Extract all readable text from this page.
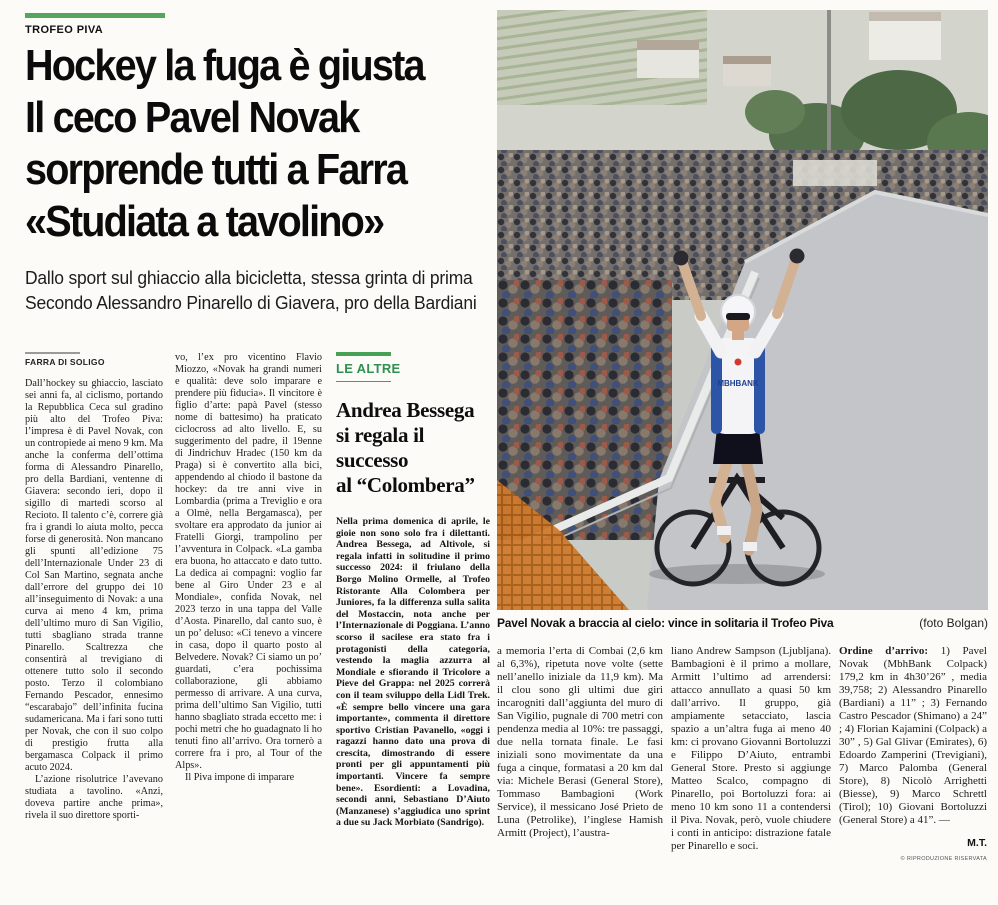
TROFEO PIVA
Hockey la fuga è giusta
Il ceco Pavel Novak
sorprende tutti a Farra
«Studiata a tavolino»
Dallo sport sul ghiaccio alla bicicletta, stessa grinta di prima
Secondo Alessandro Pinarello di Giavera, pro della Bardiani
FARRA DI SOLIGO

Dall’hockey su ghiaccio, lasciato sei anni fa, al ciclismo, portando la Repubblica Ceca sul gradino più alto del Trofeo Piva: l’impresa è di Pavel Novak, con un contropiede ai meno 9 km. Ma anche la conferma dell’ottima forma di Alessandro Pinarello, pro della Bardiani, ventenne di Giavera: secondo ieri, dopo il sigillo di martedì scorso al Recioto. Il talento c’è, correre già fra i grandi lo aiuta molto, pecca forse di generosità. Non mancano gli spunti all’edizione 75 dell’Internazionale Under 23 di Col San Martino, segnata anche dall’errore del gruppo dei 10 all’inseguimento di Novak: a una curva ai meno 4 km, prima dell’ultimo muro di San Vigilio, tutti sbagliano strada tranne Pinarello. Scaltrezza che consentirà al trevigiano di ottenere tutto solo il secondo posto. Terzo il colombiano Fernando Pescador, ennesimo “escarabajo” dell’infinita fucina sudamericana. Ma i fari sono tutti per Novak, che con il suo colpo di prestigio frutta alla bergamasca Colpack il primo acuto 2024.

L’azione risolutrice l’avevano studiata a tavolino. «Anzi, doveva partire anche prima», rivela il suo direttore sporti-

vo, l’ex pro vicentino Flavio Miozzo, «Novak ha grandi numeri e qualità: deve solo imparare e prendere più fiducia». Il vincitore è figlio d’arte: papà Pavel (stesso nome di battesimo) ha praticato ciclocross ad alto livello. E, su suggerimento del padre, il 19enne di Jindrichuv Hradec (150 km da Praga) si è convertito alla bici, appendendo al chiodo il bastone da hockey: da tre anni vive in Lombardia (prima a Treviglio e ora a Olmè, nella Bergamasca), per svoltare era approdato da junior ai Fratelli Giorgi, trampolino per l’avventura in Colpack. «La gamba era buona, ho attaccato e dato tutto. La dedica ai compagni: voglio far bene al Giro Under 23 e al Mondiale», confida Novak, nel 2023 terzo in una tappa del Valle d’Aosta. Pinarello, dal canto suo, è un po’ deluso: «Ci tenevo a vincere in casa, dopo il quarto posto al Belvedere. Novak? Ci siamo un po’ guardati, c’era pochissima collaborazione, gli abbiamo permesso di arrivare. A una curva, prima dell’ultimo San Vigilio, tutti hanno sbagliato strada eccetto me: i pochi metri che ho guadagnato li ho tenuti fino all’arrivo. Ora tornerò a correre fra i pro, al Tour of the Alps».

Il Piva impone di imparare

LE ALTRE
Andrea Bessega
si regala il successo
al “Colombera”

Nella prima domenica di aprile, le gioie non sono solo fra i dilettanti. Andrea Bessega, ad Altivole, si regala infatti in solitudine il primo successo 2024: il friulano della Borgo Molino Ormelle, al Trofeo Ristorante Alla Colombera per Juniores, fa la differenza sulla salita del Mostaccin, nota anche per l’Internazionale di Poggiana. L’anno scorso il sacilese era stato fra i protagonisti della categoria, vestendo la maglia azzurra al Mondiale e sfiorando il Tricolore a Pieve del Grappa: nel 2025 correrà con il team sviluppo della Lidl Trek. «È sempre bello vincere una gara importante», commenta il direttore sportivo Cristian Pavanello, «oggi i ragazzi hanno dato una prova di crescita, dimostrando di essere pronti per gli appuntamenti più importanti. Vincere fa sempre bene». Esordienti: a Lovadina, secondi anni, Sebastiano D’Aiuto (Manzanese) s’aggiudica uno sprint a due su Jack Morbiato (Sandrigo).

MBHBANK
Pavel Novak a braccia al cielo: vince in solitaria il Trofeo Piva	(foto Bolgan)

a memoria l’erta di Combai (2,6 km al 6,3%), ripetuta nove volte (sette nell’anello iniziale da 11,9 km). Ma il clou sono gli ultimi due giri incarogniti dall’aggiunta del muro di San Vigilio, pugnale di 700 metri con pendenza media al 10%: tre passaggi, due nella tornata finale. Le fasi iniziali sono movimentate da una fuga a cinque, formatasi a 20 km dal via: Michele Berasi (General Store), Tommaso Bambagioni (Work Service), il messicano José Prieto de Luna (Petrolike), l’inglese Hamish Armitt (Project), l’austra-

liano Andrew Sampson (Ljubljana). Bambagioni è il primo a mollare, Armitt l’ultimo ad arrendersi: attacco annullato a quasi 50 km dall’arrivo. Il gruppo, già ampiamente setacciato, lascia spazio a un’altra fuga ai meno 40 km: ci provano Giovanni Bortoluzzi e Filippo D’Aiuto, entrambi General Store. Presto si aggiunge Matteo Scalco, compagno di Pinarello, poi Bortoluzzi fora: ai meno 10 km sono 11 a contendersi il Piva. Novak, però, vuole chiudere i conti in anticipo: distrazione fatale per Pinarello e soci.

Ordine d’arrivo: 1) Pavel Novak (MbhBank Colpack) 179,2 km in 4h30’26” , media 39,758; 2) Alessandro Pinarello (Bardiani) a 11” ; 3) Fernando Castro Pescador (Shimano) a 24” ; 4) Florian Kajamini (Colpack) a 30” , 5) Gal Glivar (Emirates), 6) Edoardo Zamperini (Trevigiani), 7) Marco Palomba (General Store), 8) Nicolò Arrighetti (Biesse), 9) Marco Schrettl (Tirol); 10) Giovani Bortoluzzi (General Store) a 41”. —

M.T.
© RIPRODUZIONE RISERVATA
